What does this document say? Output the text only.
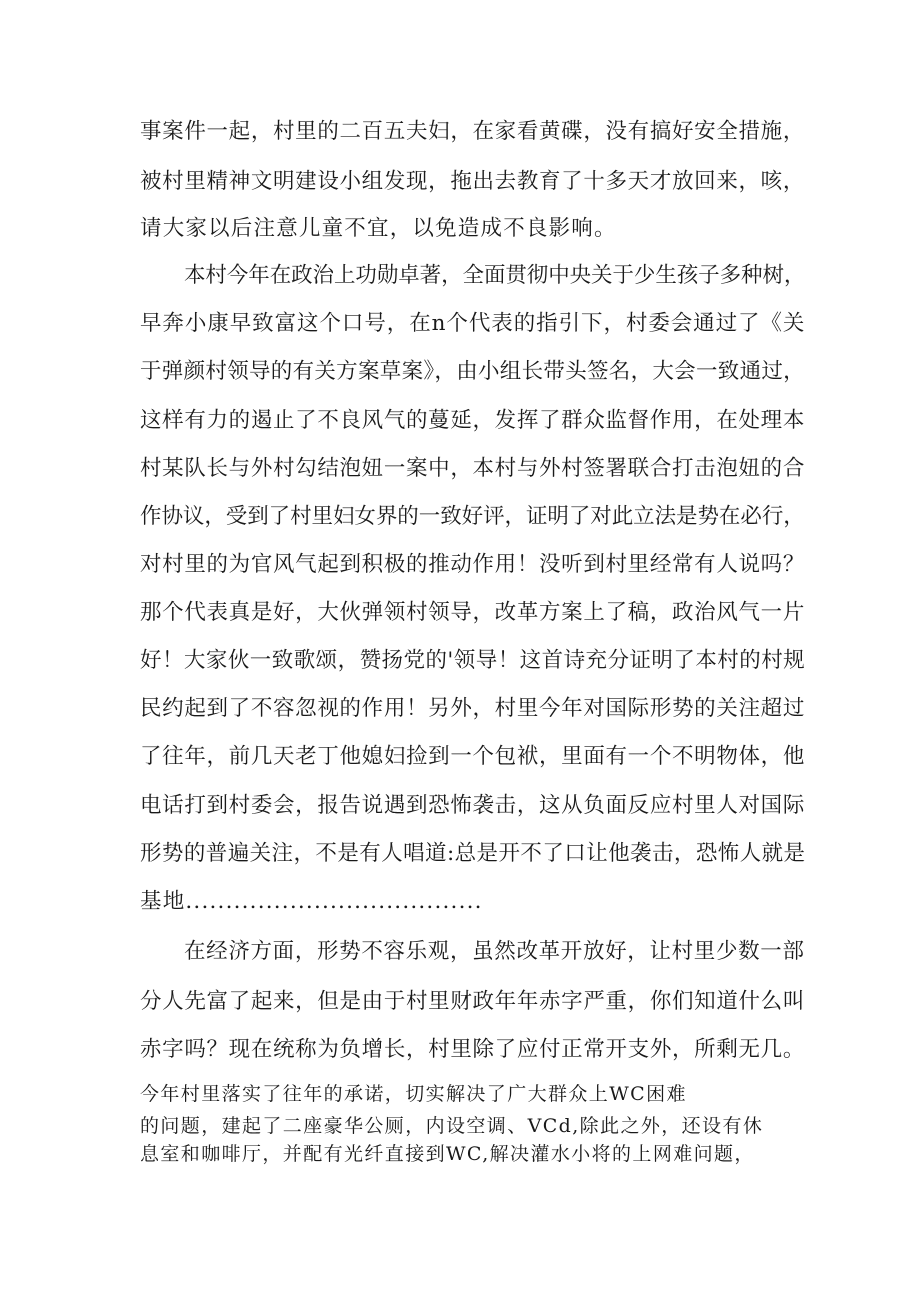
事案件一起，村里的二百五夫妇，在家看黄碟，没有搞好安全措施，
被村里精神文明建设小组发现，拖出去教育了十多天才放回来，咳，
请大家以后注意儿童不宜，以免造成不良影响。
本村今年在政治上功勋卓著，全面贯彻中央关于少生孩子多种树，
早奔小康早致富这个口号，在n个代表的指引下，村委会通过了《关
于弹颜村领导的有关方案草案》，由小组长带头签名，大会一致通过，
这样有力的遏止了不良风气的蔓延，发挥了群众监督作用，在处理本
村某队长与外村勾结泡妞一案中，本村与外村签署联合打击泡妞的合
作协议，受到了村里妇女界的一致好评，证明了对此立法是势在必行，
对村里的为官风气起到积极的推动作用！没听到村里经常有人说吗？
那个代表真是好，大伙弹领村领导，改革方案上了稿，政治风气一片
好！大家伙一致歌颂，赞扬党的'领导！这首诗充分证明了本村的村规
民约起到了不容忽视的作用！另外，村里今年对国际形势的关注超过
了往年，前几天老丁他媳妇捡到一个包袱，里面有一个不明物体，他
电话打到村委会，报告说遇到恐怖袭击，这从负面反应村里人对国际
形势的普遍关注，不是有人唱道:总是开不了口让他袭击，恐怖人就是
基地.....................................
在经济方面，形势不容乐观，虽然改革开放好，让村里少数一部
分人先富了起来，但是由于村里财政年年赤字严重，你们知道什么叫
赤字吗？现在统称为负增长，村里除了应付正常开支外，所剩无几。
今年村里落实了往年的承诺，切实解决了广大群众上WC困难
的问题，建起了二座豪华公厕，内设空调、VCd,除此之外，还设有休
息室和咖啡厅，并配有光纤直接到WC,解决灌水小将的上网难问题，
